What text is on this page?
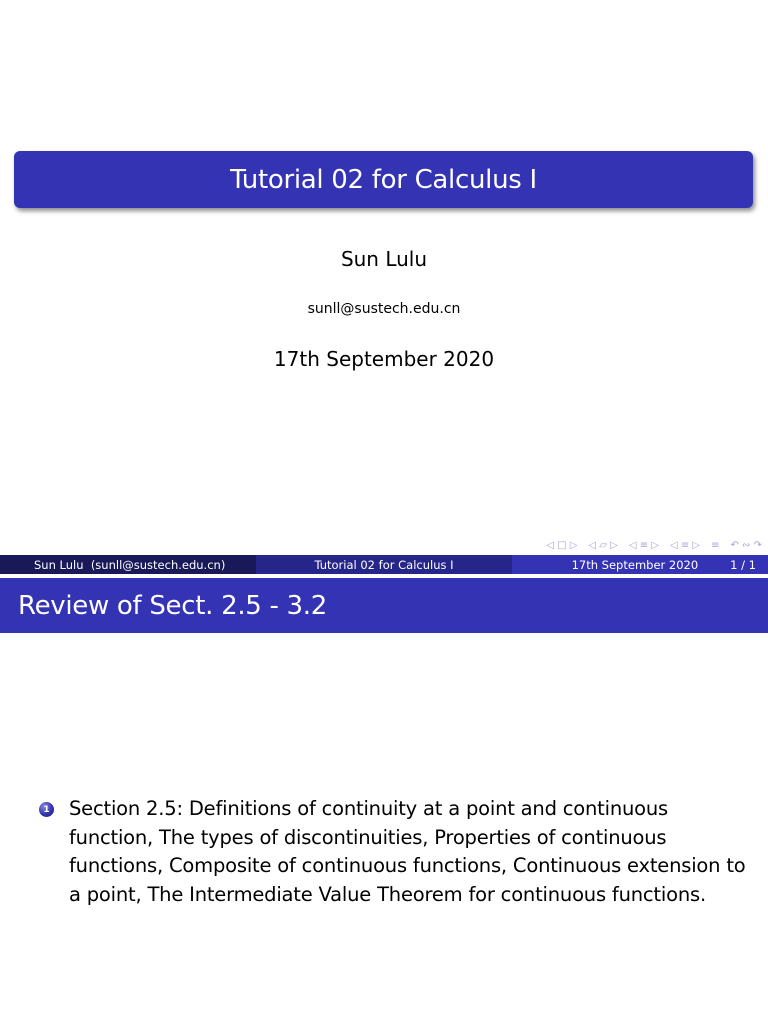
Tutorial 02 for Calculus I
Sun Lulu
sunll@sustech.edu.cn
17th September 2020
◁ □ ▷ ◁ ▱ ▷ ◁ ≡ ▷ ◁ ≡ ▷ ≡ ↶ ∾ ↷
Sun Lulu  (sunll@sustech.edu.cn)	Tutorial 02 for Calculus I	17th September 2020	1 / 1
Review of Sect. 2.5 - 3.2
1 Section 2.5: Definitions of continuity at a point and continuous function, The types of discontinuities, Properties of continuous functions, Composite of continuous functions, Continuous extension to a point, The Intermediate Value Theorem for continuous functions.
